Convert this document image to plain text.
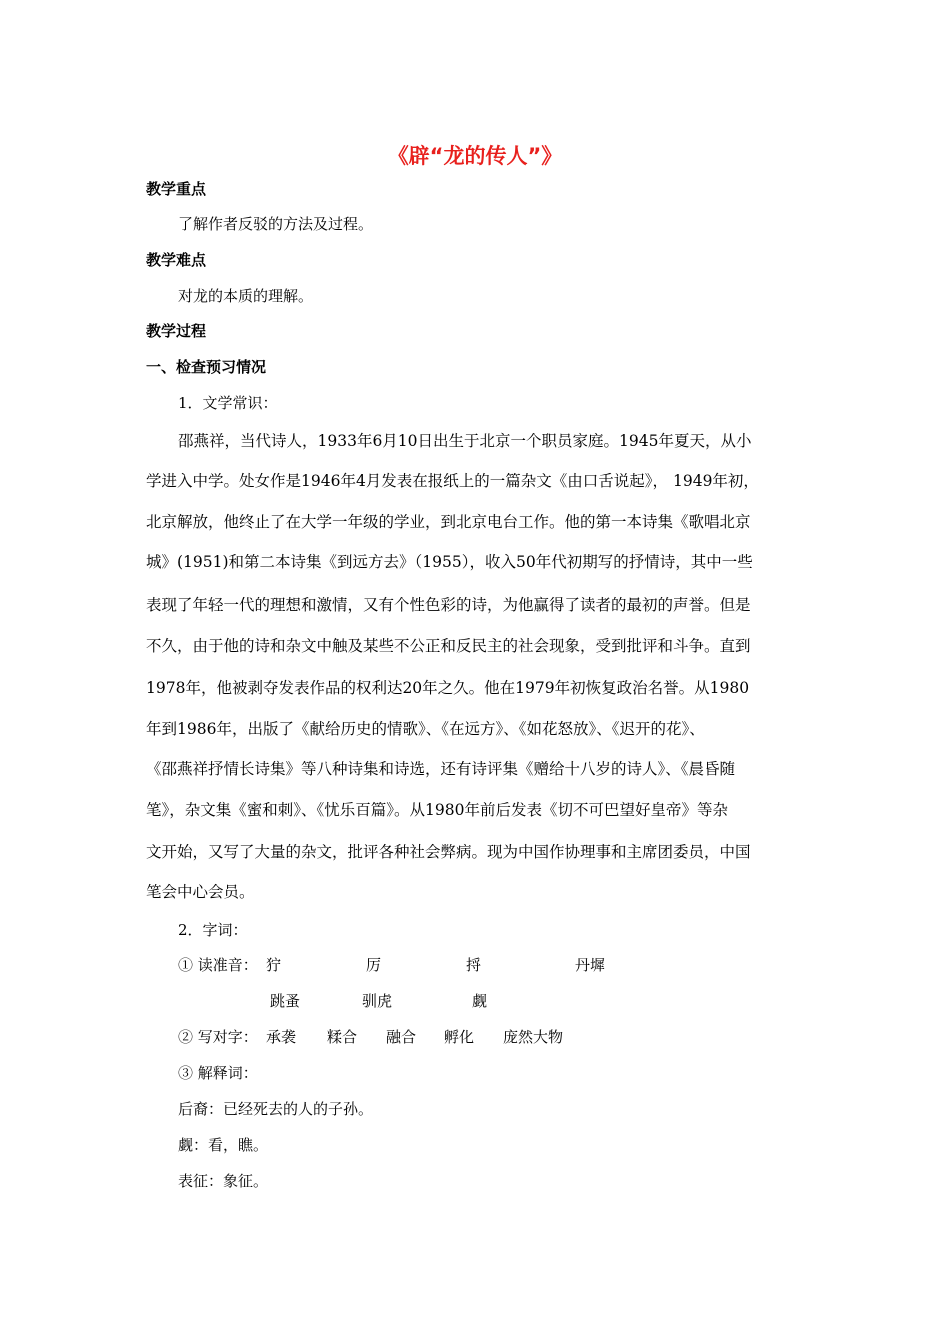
《辟“龙的传人”》
教学重点
了解作者反驳的方法及过程。
教学难点
对龙的本质的理解。
教学过程
一、检查预习情况
1．文学常识：
邵燕祥，当代诗人，1933年6月10日出生于北京一个职员家庭。1945年夏天，从小
学进入中学。处女作是1946年4月发表在报纸上的一篇杂文《由口舌说起》， 1949年初，
北京解放，他终止了在大学一年级的学业，到北京电台工作。他的第一本诗集《歌唱北京
城》(1951)和第二本诗集《到远方去》（1955），收入50年代初期写的抒情诗，其中一些
表现了年轻一代的理想和激情，又有个性色彩的诗，为他赢得了读者的最初的声誉。但是
不久，由于他的诗和杂文中触及某些不公正和反民主的社会现象，受到批评和斗争。直到
1978年，他被剥夺发表作品的权利达20年之久。他在1979年初恢复政治名誉。从1980
年到1986年，出版了《献给历史的情歌》、《在远方》、《如花怒放》、《迟开的花》、
《邵燕祥抒情长诗集》等八种诗集和诗选，还有诗评集《赠给十八岁的诗人》、《晨昏随
笔》，杂文集《蜜和刺》、《忧乐百篇》。从1980年前后发表《切不可巴望好皇帝》等杂
文开始，又写了大量的杂文，批评各种社会弊病。现为中国作协理事和主席团委员，中国
笔会中心会员。
2．字词：
① 读准音： 狞	厉	捋	丹墀
跳蚤	驯虎	觑
② 写对字： 承袭 糅合 融合 孵化 庞然大物
③ 解释词：
后裔：已经死去的人的子孙。
觑：看，瞧。
表征：象征。
